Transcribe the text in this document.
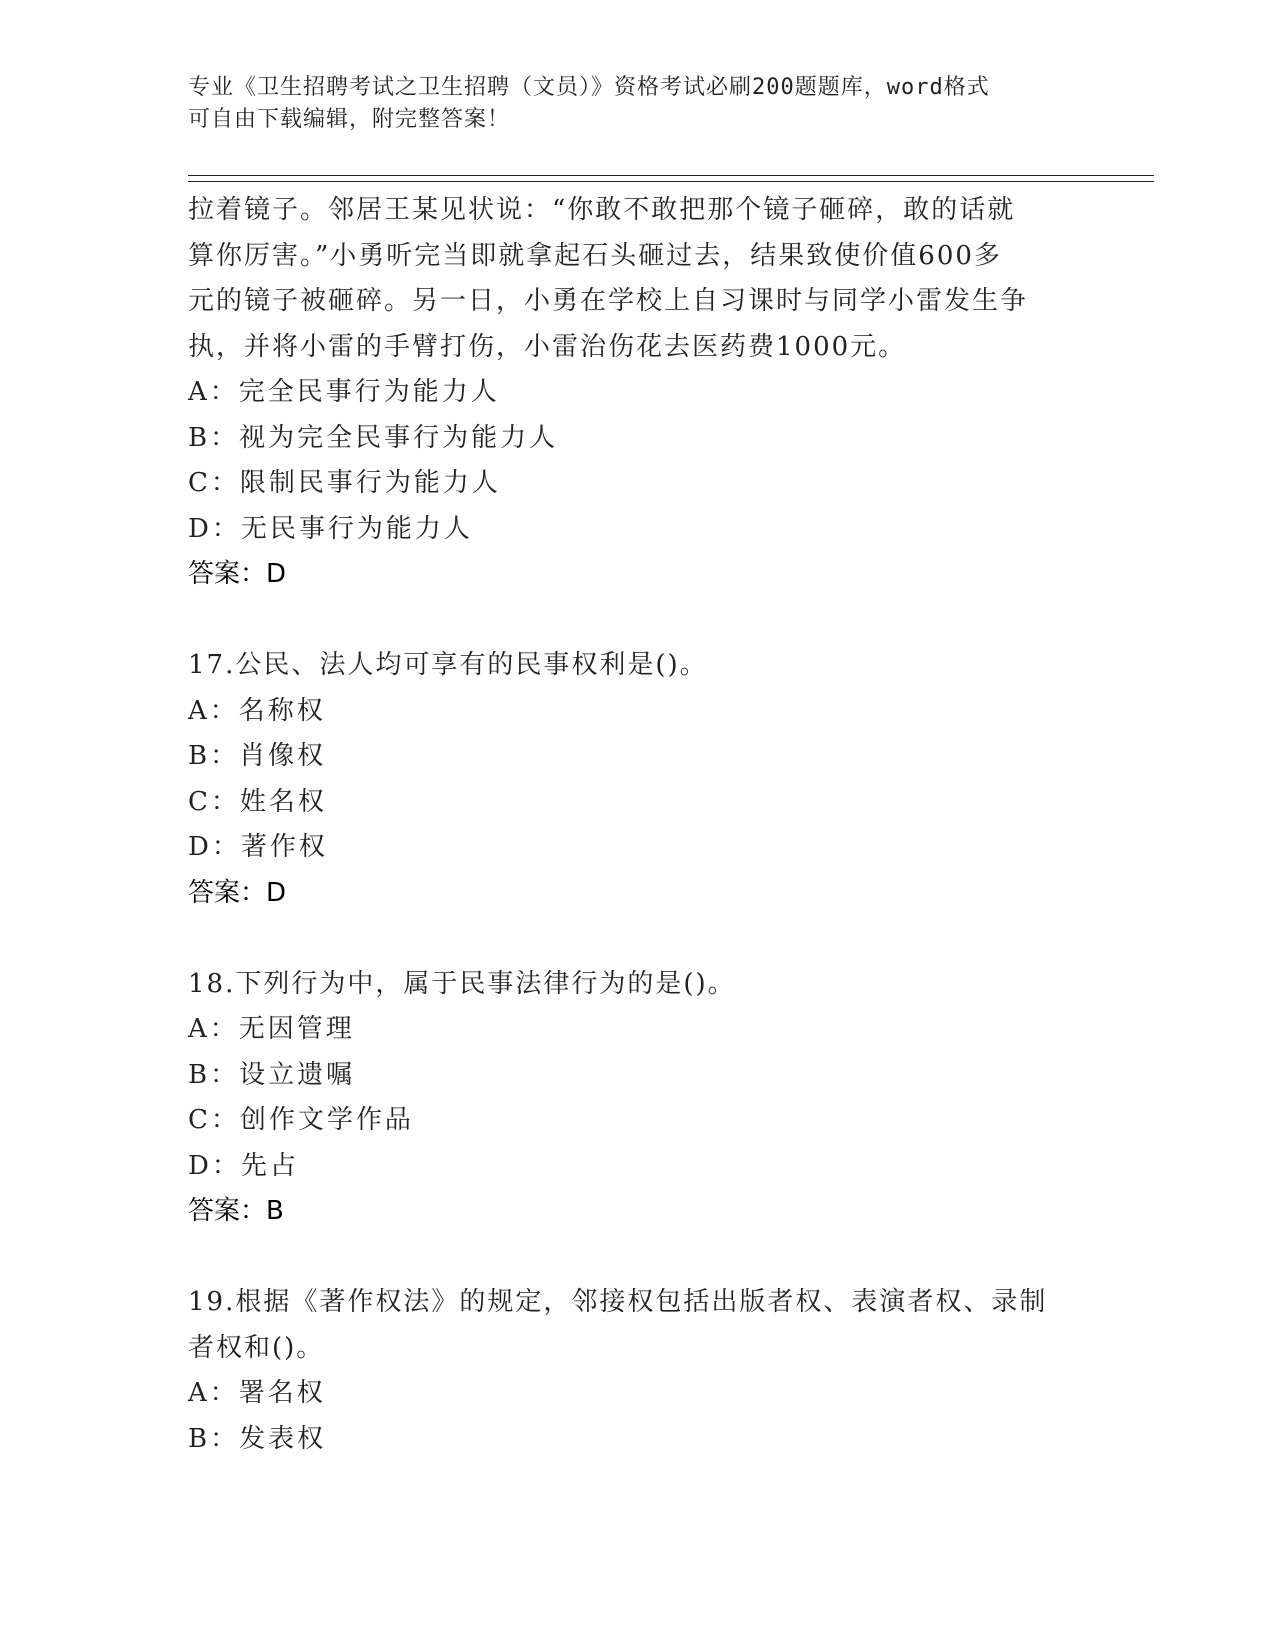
专业《卫生招聘考试之卫生招聘（文员）》资格考试必刷200题题库，word格式
可自由下载编辑，附完整答案！
拉着镜子。邻居王某见状说：“你敢不敢把那个镜子砸碎，敢的话就
算你厉害。”小勇听完当即就拿起石头砸过去，结果致使价值600多
元的镜子被砸碎。另一日，小勇在学校上自习课时与同学小雷发生争
执，并将小雷的手臂打伤，小雷治伤花去医药费1000元。
A：完全民事行为能力人
B：视为完全民事行为能力人
C：限制民事行为能力人
D：无民事行为能力人
答案：D
17.公民、法人均可享有的民事权利是()。
A：名称权
B：肖像权
C：姓名权
D：著作权
答案：D
18.下列行为中，属于民事法律行为的是()。
A：无因管理
B：设立遗嘱
C：创作文学作品
D：先占
答案：B
19.根据《著作权法》的规定，邻接权包括出版者权、表演者权、录制
者权和()。
A：署名权
B：发表权
